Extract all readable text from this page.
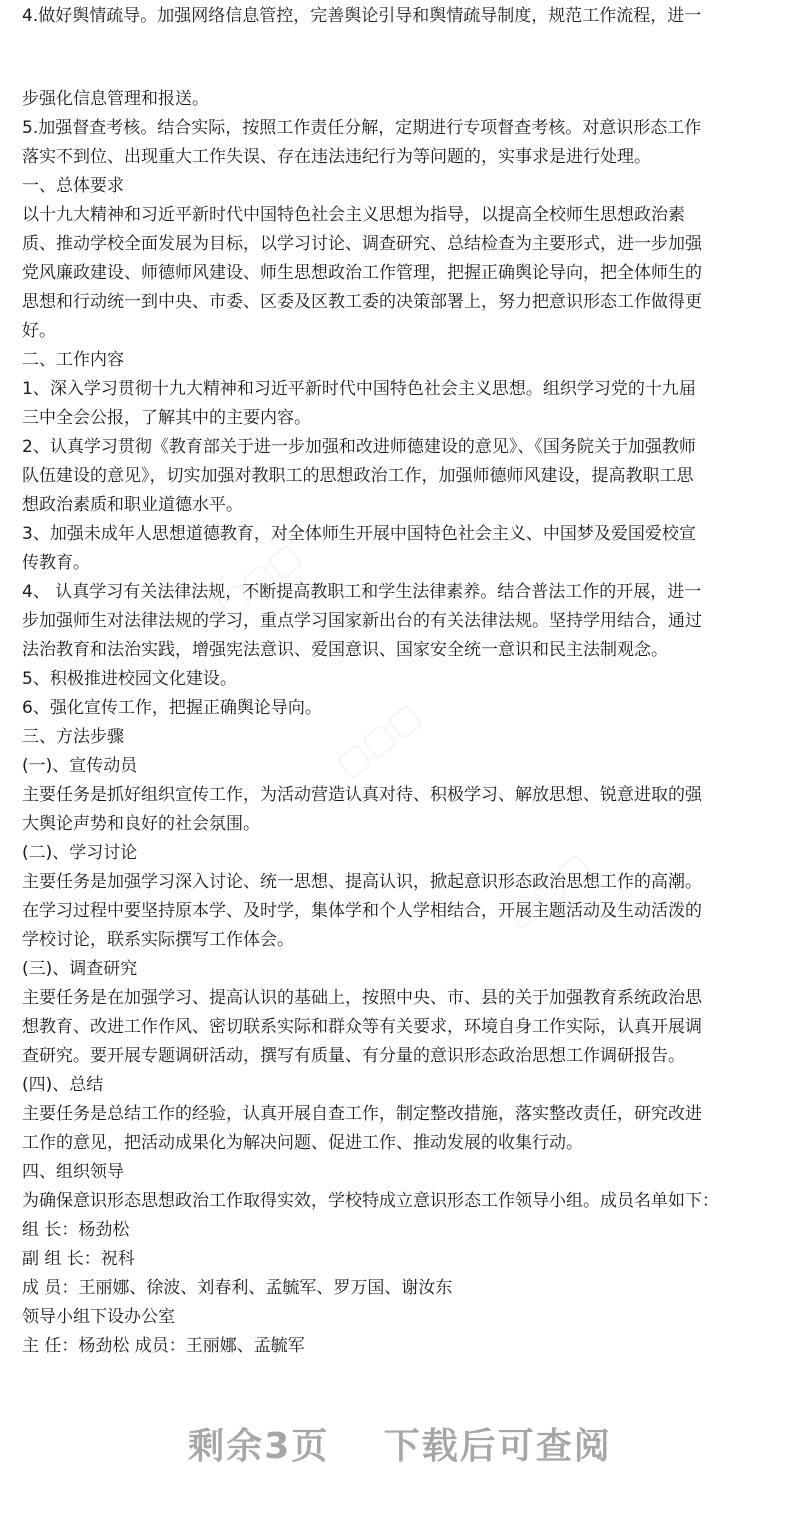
▢▢▢
▢▢▢
▢▢▢
4.做好舆情疏导。加强网络信息管控，完善舆论引导和舆情疏导制度，规范工作流程，进一
步强化信息管理和报送。
5.加强督查考核。结合实际，按照工作责任分解，定期进行专项督查考核。对意识形态工作
落实不到位、出现重大工作失误、存在违法违纪行为等问题的，实事求是进行处理。
一、总体要求
以十九大精神和习近平新时代中国特色社会主义思想为指导，以提高全校师生思想政治素
质、推动学校全面发展为目标，以学习讨论、调查研究、总结检查为主要形式，进一步加强
党风廉政建设、师德师风建设、师生思想政治工作管理，把握正确舆论导向，把全体师生的
思想和行动统一到中央、市委、区委及区教工委的决策部署上，努力把意识形态工作做得更
好。
二、工作内容
1、深入学习贯彻十九大精神和习近平新时代中国特色社会主义思想。组织学习党的十九届
三中全会公报，了解其中的主要内容。
2、认真学习贯彻《教育部关于进一步加强和改进师德建设的意见》、《国务院关于加强教师
队伍建设的意见》，切实加强对教职工的思想政治工作，加强师德师风建设，提高教职工思
想政治素质和职业道德水平。
3、加强未成年人思想道德教育，对全体师生开展中国特色社会主义、中国梦及爱国爱校宣
传教育。
4、 认真学习有关法律法规，不断提高教职工和学生法律素养。结合普法工作的开展，进一
步加强师生对法律法规的学习，重点学习国家新出台的有关法律法规。坚持学用结合，通过
法治教育和法治实践，增强宪法意识、爱国意识、国家安全统一意识和民主法制观念。
5、积极推进校园文化建设。
6、强化宣传工作，把握正确舆论导向。
三、方法步骤
(一)、宣传动员
主要任务是抓好组织宣传工作，为活动营造认真对待、积极学习、解放思想、锐意进取的强
大舆论声势和良好的社会氛围。
(二)、学习讨论
主要任务是加强学习深入讨论、统一思想、提高认识，掀起意识形态政治思想工作的高潮。
在学习过程中要坚持原本学、及时学，集体学和个人学相结合，开展主题活动及生动活泼的
学校讨论，联系实际撰写工作体会。
(三)、调查研究
主要任务是在加强学习、提高认识的基础上，按照中央、市、县的关于加强教育系统政治思
想教育、改进工作作风、密切联系实际和群众等有关要求，环境自身工作实际，认真开展调
查研究。要开展专题调研活动，撰写有质量、有分量的意识形态政治思想工作调研报告。
(四)、总结
主要任务是总结工作的经验，认真开展自查工作，制定整改措施，落实整改责任，研究改进
工作的意见，把活动成果化为解决问题、促进工作、推动发展的收集行动。
四、组织领导
为确保意识形态思想政治工作取得实效，学校特成立意识形态工作领导小组。成员名单如下：
组 长：杨劲松
副 组 长：祝科
成 员：王丽娜、徐波、刘春利、孟毓军、罗万国、谢汝东
领导小组下设办公室
主 任：杨劲松 成员：王丽娜、孟毓军
剩余3页 下载后可查阅
